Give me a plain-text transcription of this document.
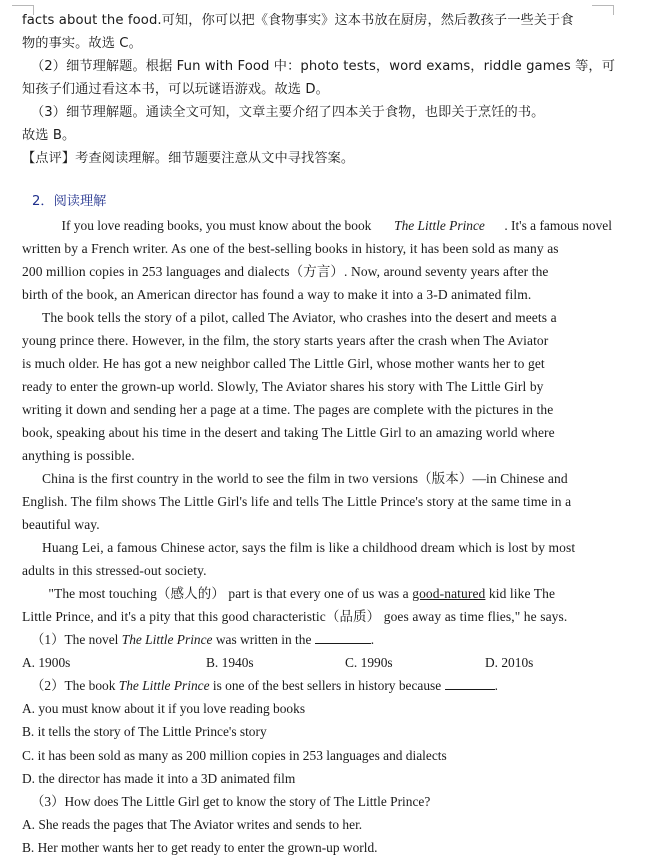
facts about the food.可知，你可以把《食物事实》这本书放在厨房，然后教孩子一些关于食
物的事实。故选 C。
（2）细节理解题。根据 Fun with Food 中：photo tests，word exams，riddle games 等，可
知孩子们通过看这本书，可以玩谜语游戏。故选 D。
（3）细节理解题。通读全文可知，文章主要介绍了四本关于食物，也即关于烹饪的书。
故选 B。
【点评】考查阅读理解。细节题要注意从文中寻找答案。
2．阅读理解

If you love reading books, you must know about the book The Little Prince . It's a famous novel
written by a French writer. As one of the best-selling books in history, it has been sold as many as
200 million copies in 253 languages and dialects（方言）. Now, around seventy years after the
birth of the book, an American director has found a way to make it into a 3-D animated film.
The book tells the story of a pilot, called The Aviator, who crashes into the desert and meets a
young prince there. However, in the film, the story starts years after the crash when The Aviator
is much older. He has got a new neighbor called The Little Girl, whose mother wants her to get
ready to enter the grown-up world. Slowly, The Aviator shares his story with The Little Girl by
writing it down and sending her a page at a time. The pages are complete with the pictures in the
book, speaking about his time in the desert and taking The Little Girl to an amazing world where
anything is possible.
China is the first country in the world to see the film in two versions（版本）—in Chinese and
English. The film shows The Little Girl's life and tells The Little Prince's story at the same time in a
beautiful way.
Huang Lei, a famous Chinese actor, says the film is like a childhood dream which is lost by most
adults in this stressed-out society.
"The most touching（感人的） part is that every one of us was a good-natured kid like The
Little Prince, and it's a pity that this good characteristic（品质） goes away as time flies," he says.
（1）The novel The Little Prince was written in the	.
A. 1900s	B. 1940s	C. 1990s	D. 2010s
（2）The book The Little Prince is one of the best sellers in history because	.
A. you must know about it if you love reading books
B. it tells the story of The Little Prince's story
C. it has been sold as many as 200 million copies in 253 languages and dialects
D. the director has made it into a 3D animated film
（3）How does The Little Girl get to know the story of The Little Prince?
A. She reads the pages that The Aviator writes and sends to her.
B. Her mother wants her to get ready to enter the grown-up world.
